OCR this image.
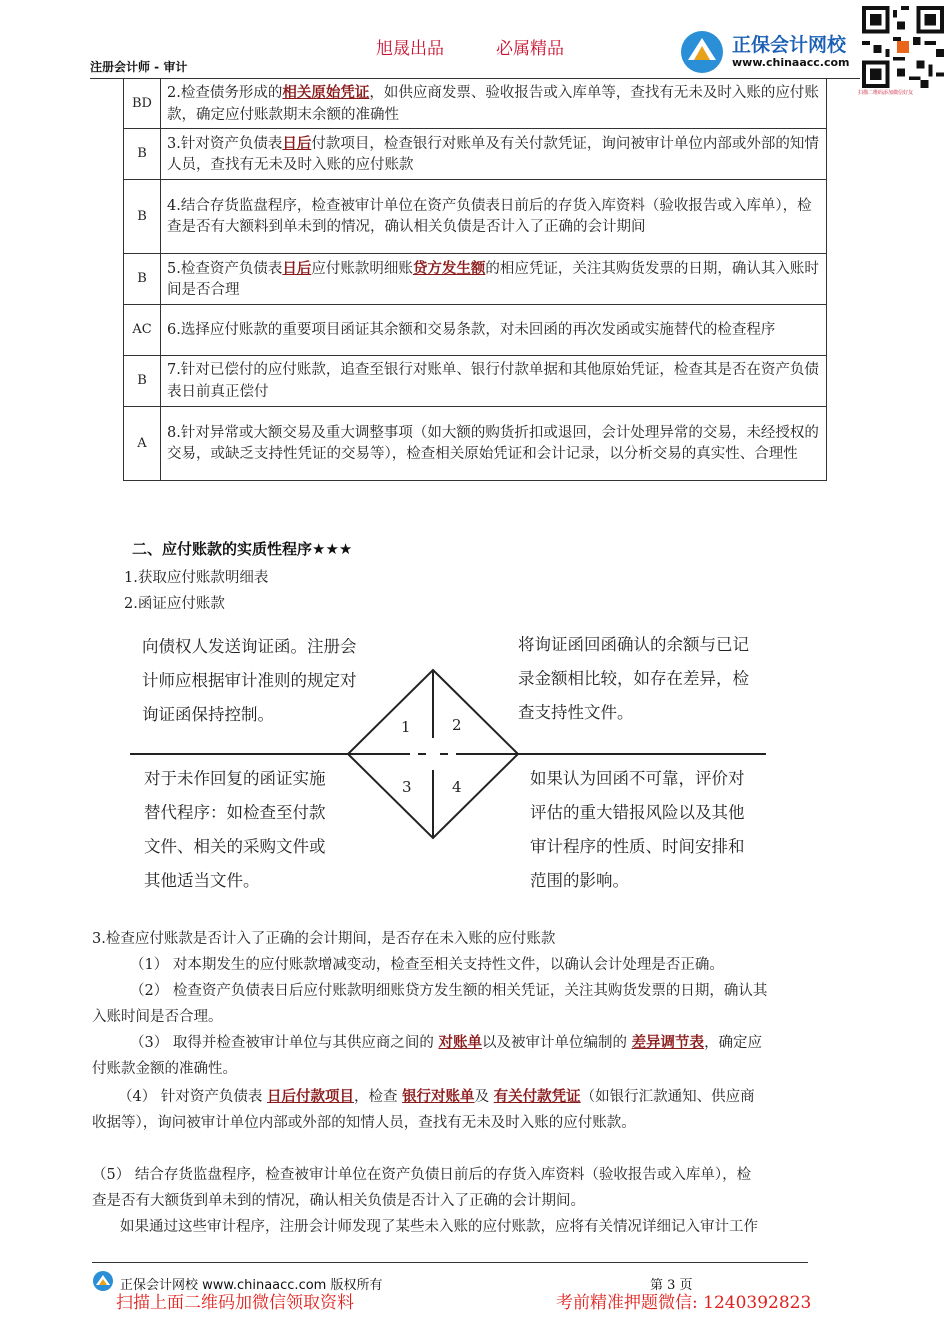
旭晟出品	必属精品
注册会计师 - 审计
正保会计网校
www.chinaacc.com
扫描二维码添加微信好友
BD	2.检查债务形成的相关原始凭证，如供应商发票、验收报告或入库单等，查找有无未及时入账的应付账款，确定应付账款期末余额的准确性
B	3.针对资产负债表日后付款项目，检查银行对账单及有关付款凭证，询问被审计单位内部或外部的知情人员，查找有无未及时入账的应付账款
B	4.结合存货监盘程序，检查被审计单位在资产负债表日前后的存货入库资料（验收报告或入库单），检查是否有大额料到单未到的情况，确认相关负债是否计入了正确的会计期间
B	5.检查资产负债表日后应付账款明细账贷方发生额的相应凭证，关注其购货发票的日期，确认其入账时间是否合理
AC	6.选择应付账款的重要项目函证其余额和交易条款，对未回函的再次发函或实施替代的检查程序
B	7.针对已偿付的应付账款，追查至银行对账单、银行付款单据和其他原始凭证，检查其是否在资产负债表日前真正偿付
A	8.针对异常或大额交易及重大调整事项（如大额的购货折扣或退回，会计处理异常的交易，未经授权的交易，或缺乏支持性凭证的交易等），检查相关原始凭证和会计记录，以分析交易的真实性、合理性
二、应付账款的实质性程序★★★
1.获取应付账款明细表
2.函证应付账款
1	2
3	4
向债权人发送询证函。注册会
计师应根据审计准则的规定对
询证函保持控制。
将询证函回函确认的余额与已记
录金额相比较，如存在差异，检
查支持性文件。
对于未作回复的函证实施
替代程序：如检查至付款
文件、相关的采购文件或
其他适当文件。
如果认为回函不可靠，评价对
评估的重大错报风险以及其他
审计程序的性质、时间安排和
范围的影响。
3.检查应付账款是否计入了正确的会计期间，是否存在未入账的应付账款
（1） 对本期发生的应付账款增减变动，检查至相关支持性文件，以确认会计处理是否正确。
（2） 检查资产负债表日后应付账款明细账贷方发生额的相关凭证，关注其购货发票的日期，确认其
入账时间是否合理。
（3） 取得并检查被审计单位与其供应商之间的 对账单以及被审计单位编制的 差异调节表，确定应
付账款金额的准确性。
（4） 针对资产负债表 日后付款项目，检查 银行对账单及 有关付款凭证（如银行汇款通知、供应商
收据等），询问被审计单位内部或外部的知情人员，查找有无未及时入账的应付账款。
（5） 结合存货监盘程序，检查被审计单位在资产负债日前后的存货入库资料（验收报告或入库单），检
查是否有大额货到单未到的情况，确认相关负债是否计入了正确的会计期间。
如果通过这些审计程序，注册会计师发现了某些未入账的应付账款，应将有关情况详细记入审计工作
正保会计网校 www.chinaacc.com 版权所有	第 3 页
扫描上面二维码加微信领取资料	考前精准押题微信: 1240392823
